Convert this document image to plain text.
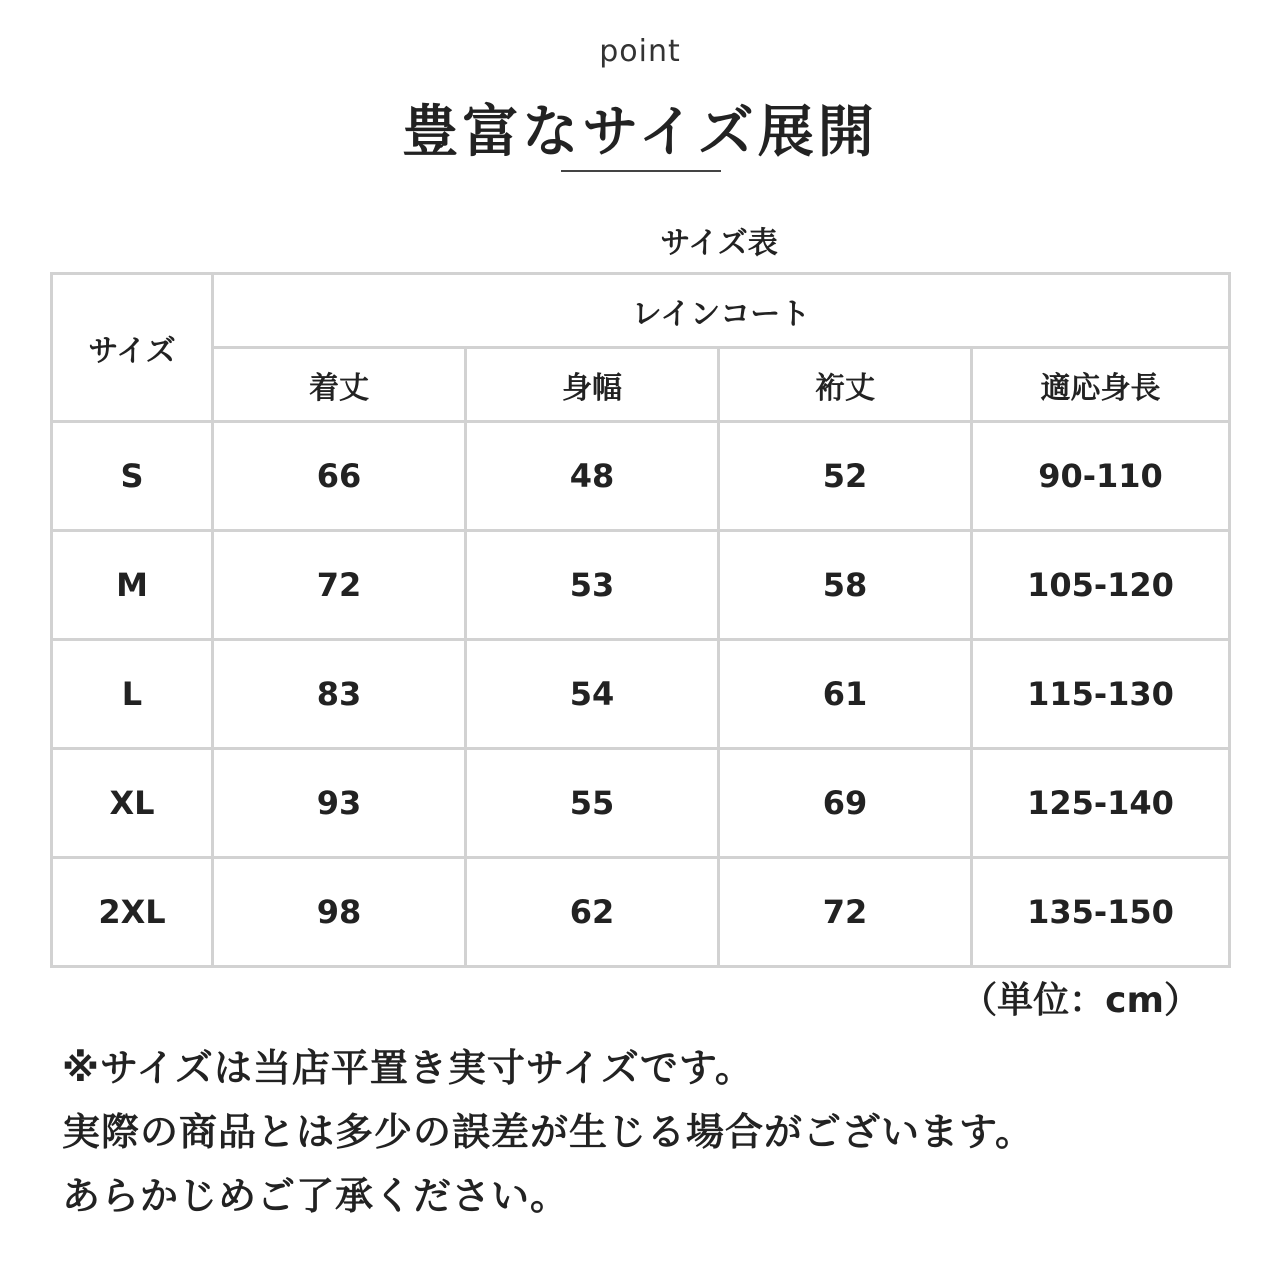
point
豊富なサイズ展開
サイズ表
サイズ	レインコート			
	着丈	身幅	裄丈	適応身長
S	66	48	52	90-110
M	72	53	58	105-120
L	83	54	61	115-130
XL	93	55	69	125-140
2XL	98	62	72	135-150
（単位：cm）
※サイズは当店平置き実寸サイズです。
実際の商品とは多少の誤差が生じる場合がございます。
あらかじめご了承ください。
